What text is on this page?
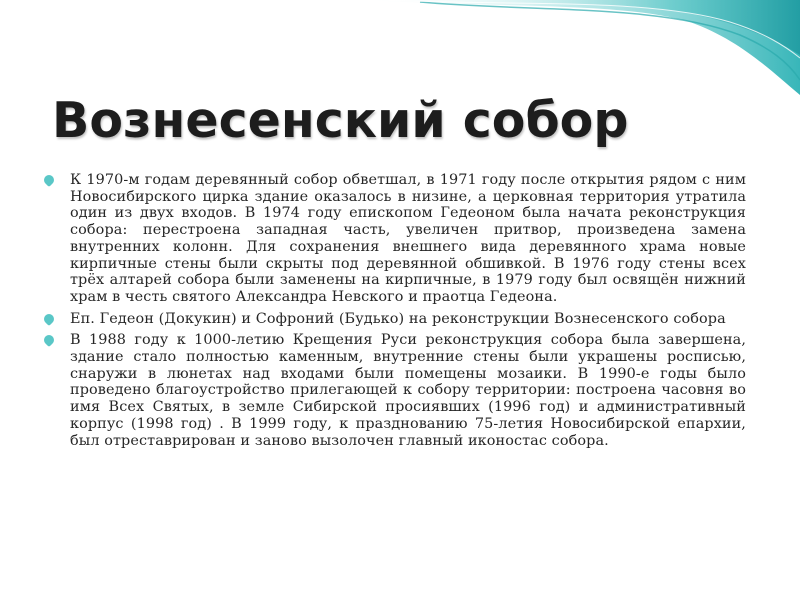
Вознесенский собор
К 1970-м годам деревянный собор обветшал, в 1971 году после открытия рядом с ним Новосибирского цирка здание оказалось в низине, а церковная территория утратила один из двух входов. В 1974 году епископом Гедеоном была начата реконструкция собора: перестроена западная часть, увеличен притвор, произведена замена внутренних колонн. Для сохранения внешнего вида деревянного храма новые кирпичные стены были скрыты под деревянной обшивкой. В 1976 году стены всех трёх алтарей собора были заменены на кирпичные, в 1979 году был освящён нижний храм в честь святого Александра Невского и праотца Гедеона.
Еп. Гедеон (Докукин) и Софроний (Будько) на реконструкции Вознесенского собора
В 1988 году к 1000-летию Крещения Руси реконструкция собора была завершена, здание стало полностью каменным, внутренние стены были украшены росписью, снаружи в люнетах над входами были помещены мозаики. В 1990-е годы было проведено благоустройство прилегающей к собору территории: построена часовня во имя Всех Святых, в земле Сибирской просиявших (1996 год) и административный корпус (1998 год) . В 1999 году, к празднованию 75-летия Новосибирской епархии, был отреставрирован и заново вызолочен главный иконостас собора.
